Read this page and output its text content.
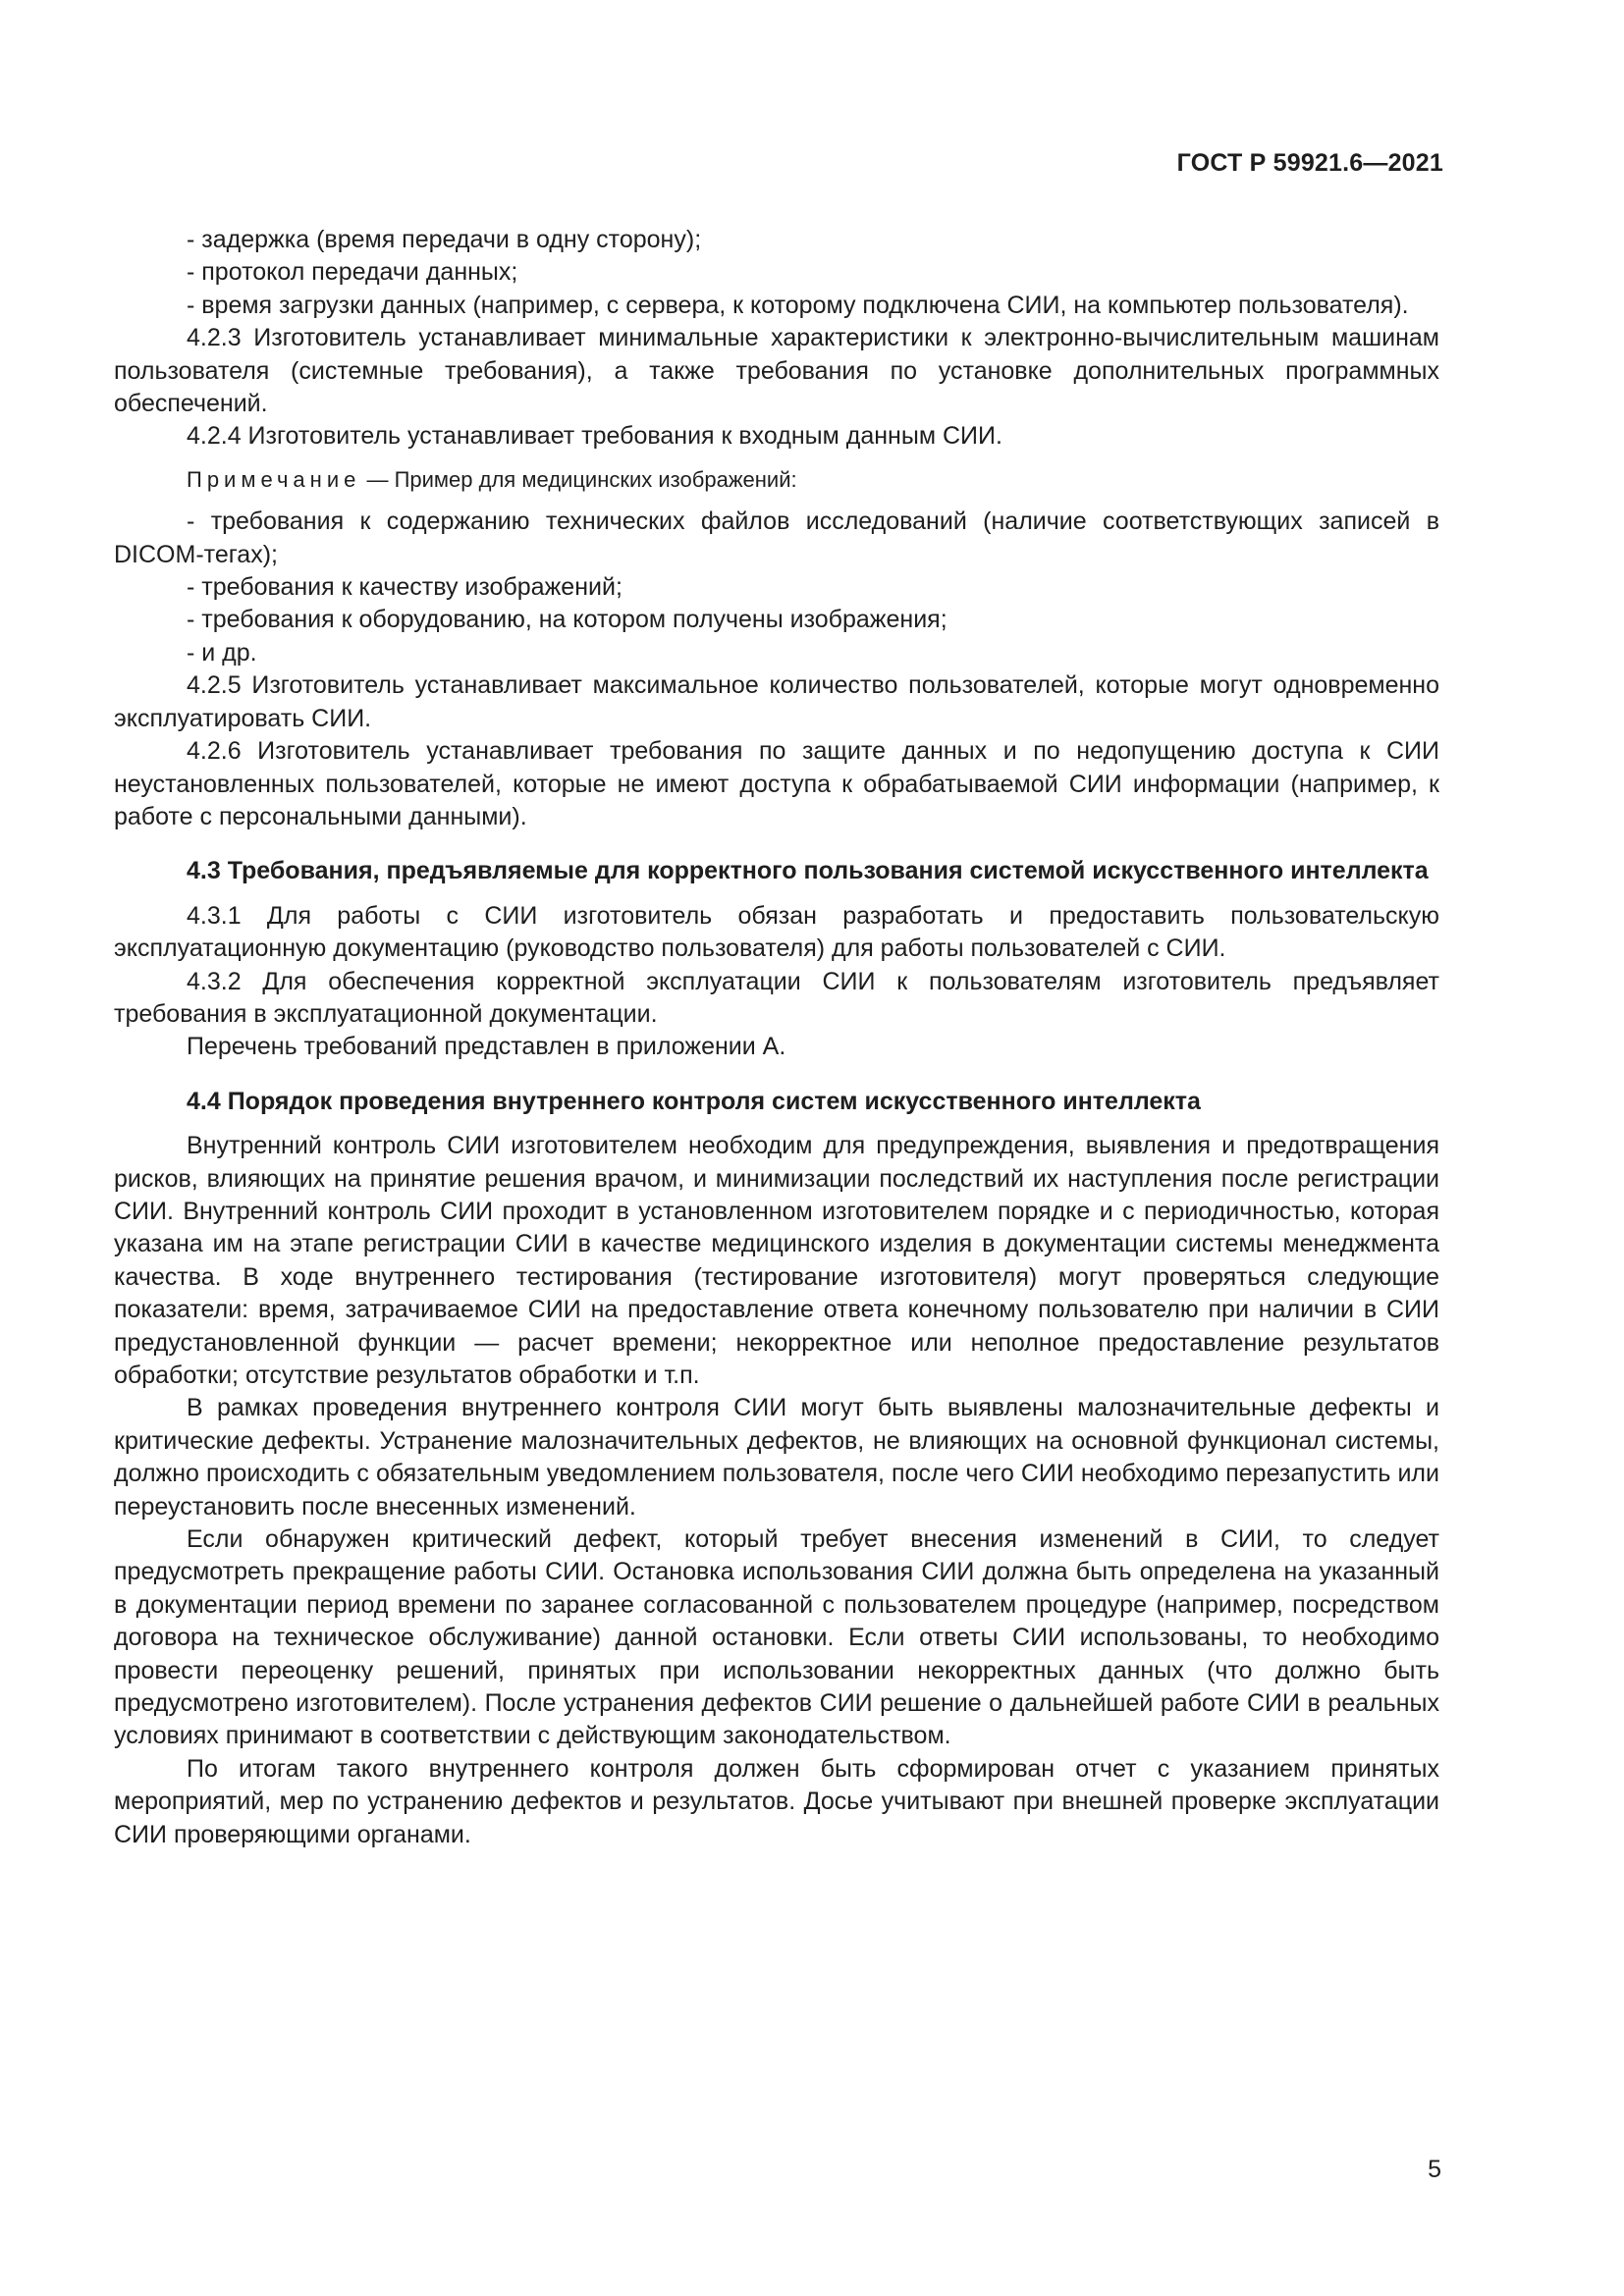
ГОСТ Р 59921.6—2021

- задержка (время передачи в одну сторону);

- протокол передачи данных;

- время загрузки данных (например, с сервера, к которому подключена СИИ, на компьютер пользователя).

4.2.3 Изготовитель устанавливает минимальные характеристики к электронно-вычислительным машинам пользователя (системные требования), а также требования по установке дополнительных программных обеспечений.

4.2.4 Изготовитель устанавливает требования к входным данным СИИ.

Примечание — Пример для медицинских изображений:

- требования к содержанию технических файлов исследований (наличие соответствующих записей в DICOM-тегах);

- требования к качеству изображений;

- требования к оборудованию, на котором получены изображения;

- и др.

4.2.5 Изготовитель устанавливает максимальное количество пользователей, которые могут одновременно эксплуатировать СИИ.

4.2.6 Изготовитель устанавливает требования по защите данных и по недопущению доступа к СИИ неустановленных пользователей, которые не имеют доступа к обрабатываемой СИИ информации (например, к работе с персональными данными).

4.3 Требования, предъявляемые для корректного пользования системой искусственного интеллекта

4.3.1 Для работы с СИИ изготовитель обязан разработать и предоставить пользовательскую эксплуатационную документацию (руководство пользователя) для работы пользователей с СИИ.

4.3.2 Для обеспечения корректной эксплуатации СИИ к пользователям изготовитель предъявляет требования в эксплуатационной документации.

Перечень требований представлен в приложении А.

4.4 Порядок проведения внутреннего контроля систем искусственного интеллекта

Внутренний контроль СИИ изготовителем необходим для предупреждения, выявления и предотвращения рисков, влияющих на принятие решения врачом, и минимизации последствий их наступления после регистрации СИИ. Внутренний контроль СИИ проходит в установленном изготовителем порядке и с периодичностью, которая указана им на этапе регистрации СИИ в качестве медицинского изделия в документации системы менеджмента качества. В ходе внутреннего тестирования (тестирование изготовителя) могут проверяться следующие показатели: время, затрачиваемое СИИ на предоставление ответа конечному пользователю при наличии в СИИ предустановленной функции — расчет времени; некорректное или неполное предоставление результатов обработки; отсутствие результатов обработки и т.п.

В рамках проведения внутреннего контроля СИИ могут быть выявлены малозначительные дефекты и критические дефекты. Устранение малозначительных дефектов, не влияющих на основной функционал системы, должно происходить с обязательным уведомлением пользователя, после чего СИИ необходимо перезапустить или переустановить после внесенных изменений.

Если обнаружен критический дефект, который требует внесения изменений в СИИ, то следует предусмотреть прекращение работы СИИ. Остановка использования СИИ должна быть определена на указанный в документации период времени по заранее согласованной с пользователем процедуре (например, посредством договора на техническое обслуживание) данной остановки. Если ответы СИИ использованы, то необходимо провести переоценку решений, принятых при использовании некорректных данных (что должно быть предусмотрено изготовителем). После устранения дефектов СИИ решение о дальнейшей работе СИИ в реальных условиях принимают в соответствии с действующим законодательством.

По итогам такого внутреннего контроля должен быть сформирован отчет с указанием принятых мероприятий, мер по устранению дефектов и результатов. Досье учитывают при внешней проверке эксплуатации СИИ проверяющими органами.

5
